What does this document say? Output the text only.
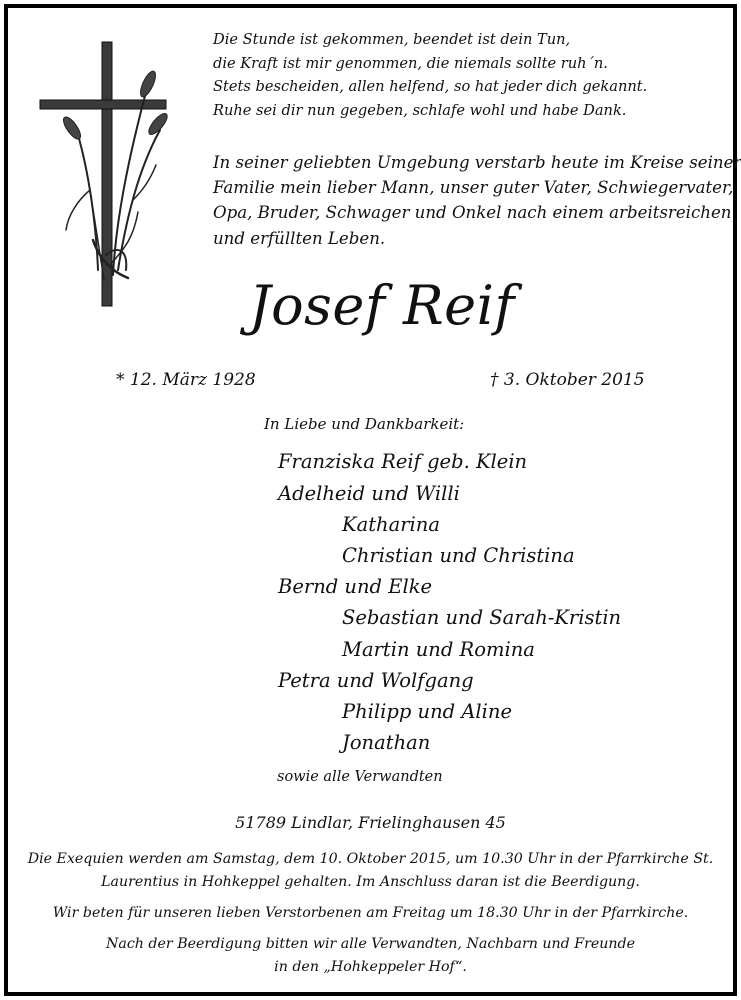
Die Stunde ist gekommen, beendet ist dein Tun,
die Kraft ist mir genommen, die niemals sollte ruh´n.
Stets bescheiden, allen helfend, so hat jeder dich gekannt.
Ruhe sei dir nun gegeben, schlafe wohl und habe Dank.
In seiner geliebten Umgebung verstarb heute im Kreise seiner
Familie mein lieber Mann, unser guter Vater, Schwiegervater,
Opa, Bruder, Schwager und Onkel nach einem arbeitsreichen
und erfüllten Leben.
Josef Reif
* 12. März 1928	† 3. Oktober 2015
In Liebe und Dankbarkeit:
Franziska Reif geb. Klein
Adelheid und Willi
Katharina
Christian und Christina
Bernd und Elke
Sebastian und Sarah-Kristin
Martin und Romina
Petra und Wolfgang
Philipp und Aline
Jonathan
sowie alle Verwandten
51789 Lindlar, Frielinghausen 45
Die Exequien werden am Samstag, dem 10. Oktober 2015, um 10.30 Uhr in der Pfarrkirche St.
Laurentius in Hohkeppel gehalten. Im Anschluss daran ist die Beerdigung.
Wir beten für unseren lieben Verstorbenen am Freitag um 18.30 Uhr in der Pfarrkirche.
Nach der Beerdigung bitten wir alle Verwandten, Nachbarn und Freunde
in den „Hohkeppeler Hof“.
